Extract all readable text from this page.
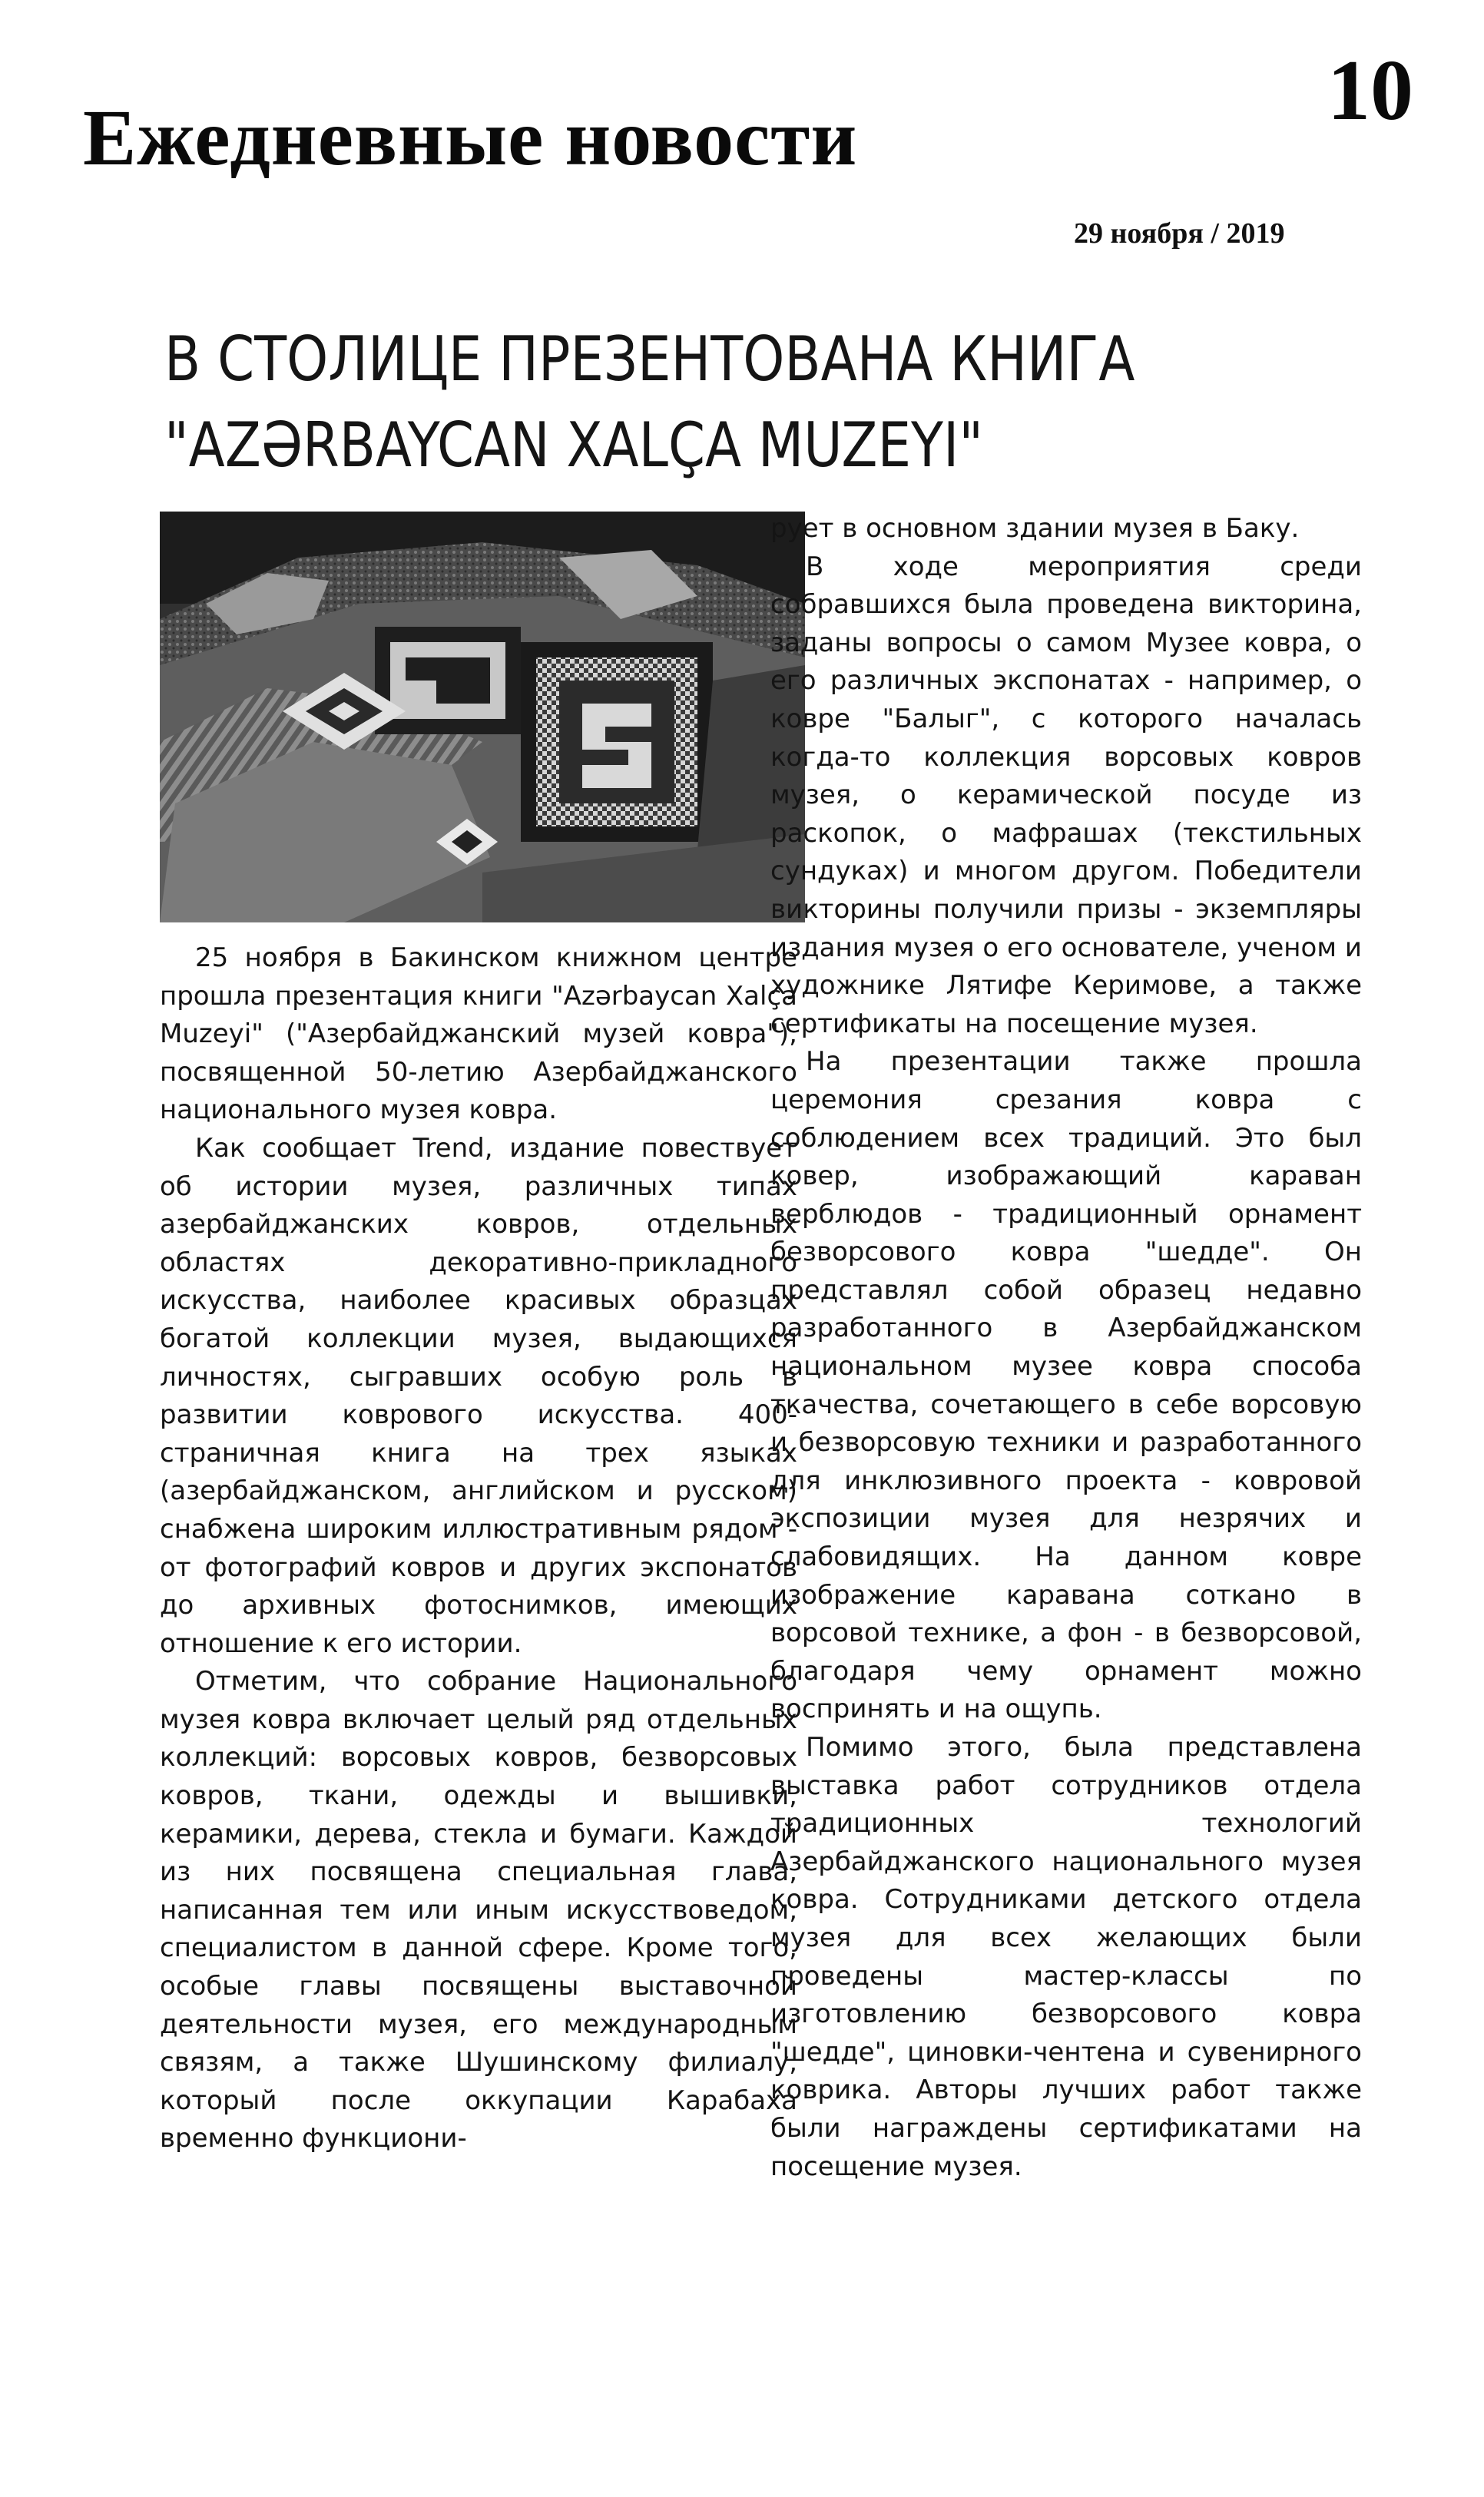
Ежедневные новости	10
29 ноября / 2019
В СТОЛИЦЕ ПРЕЗЕНТОВАНА КНИГА
"AZƏRBAYCAN XALÇA MUZEYI"

25 ноября в Бакинском книжном центре прошла презентация книги "Azərbaycan Xalça Muzeyi" ("Азербайджанский музей ковра"), посвященной 50-летию Азербайджанского национального музея ковра.

Как сообщает Trend, издание повествует об истории музея, различных типах азербайджанских ковров, отдельных областях декоративно-прикладного искусства, наиболее красивых образцах богатой коллекции музея, выдающихся личностях, сыгравших особую роль в развитии коврового искусства. 400-страничная книга на трех языках (азербайджанском, английском и русском) снабжена широким иллюстративным рядом - от фотографий ковров и других экспонатов до архивных фотоснимков, имеющих отношение к его истории.

Отметим, что собрание Национального музея ковра включает целый ряд отдельных коллекций: ворсовых ковров, безворсовых ковров, ткани, одежды и вышивки, керамики, дерева, стекла и бумаги. Каждой из них посвящена специальная глава, написанная тем или иным искусствоведом, специалистом в данной сфере. Кроме того, особые главы посвящены выставочной деятельности музея, его международным связям, а также Шушинскому филиалу, который после оккупации Карабаха временно функциони-

рует в основном здании музея в Баку.

В ходе мероприятия среди собравшихся была проведена викторина, заданы вопросы о самом Музее ковра, о его различных экспонатах - например, о ковре "Балыг", с которого началась когда-то коллекция ворсовых ковров музея, о керамической посуде из раскопок, о мафрашах (текстильных сундуках) и многом другом. Победители викторины получили призы - экземпляры издания музея о его основателе, ученом и художнике Лятифе Керимове, а также сертификаты на посещение музея.

На презентации также прошла церемония срезания ковра с соблюдением всех традиций. Это был ковер, изображающий караван верблюдов - традиционный орнамент безворсового ковра "шедде". Он представлял собой образец недавно разработанного в Азербайджанском национальном музее ковра способа ткачества, сочетающего в себе ворсовую и безворсовую техники и разработанного для инклюзивного проекта - ковровой экспозиции музея для незрячих и слабовидящих. На данном ковре изображение каравана соткано в ворсовой технике, а фон - в безворсовой, благодаря чему орнамент можно воспринять и на ощупь.

Помимо этого, была представлена выставка работ сотрудников отдела традиционных технологий Азербайджанского национального музея ковра. Сотрудниками детского отдела музея для всех желающих были проведены мастер-классы по изготовлению безворсового ковра "шедде", циновки-чентена и сувенирного коврика. Авторы лучших работ также были награждены сертификатами на посещение музея.
